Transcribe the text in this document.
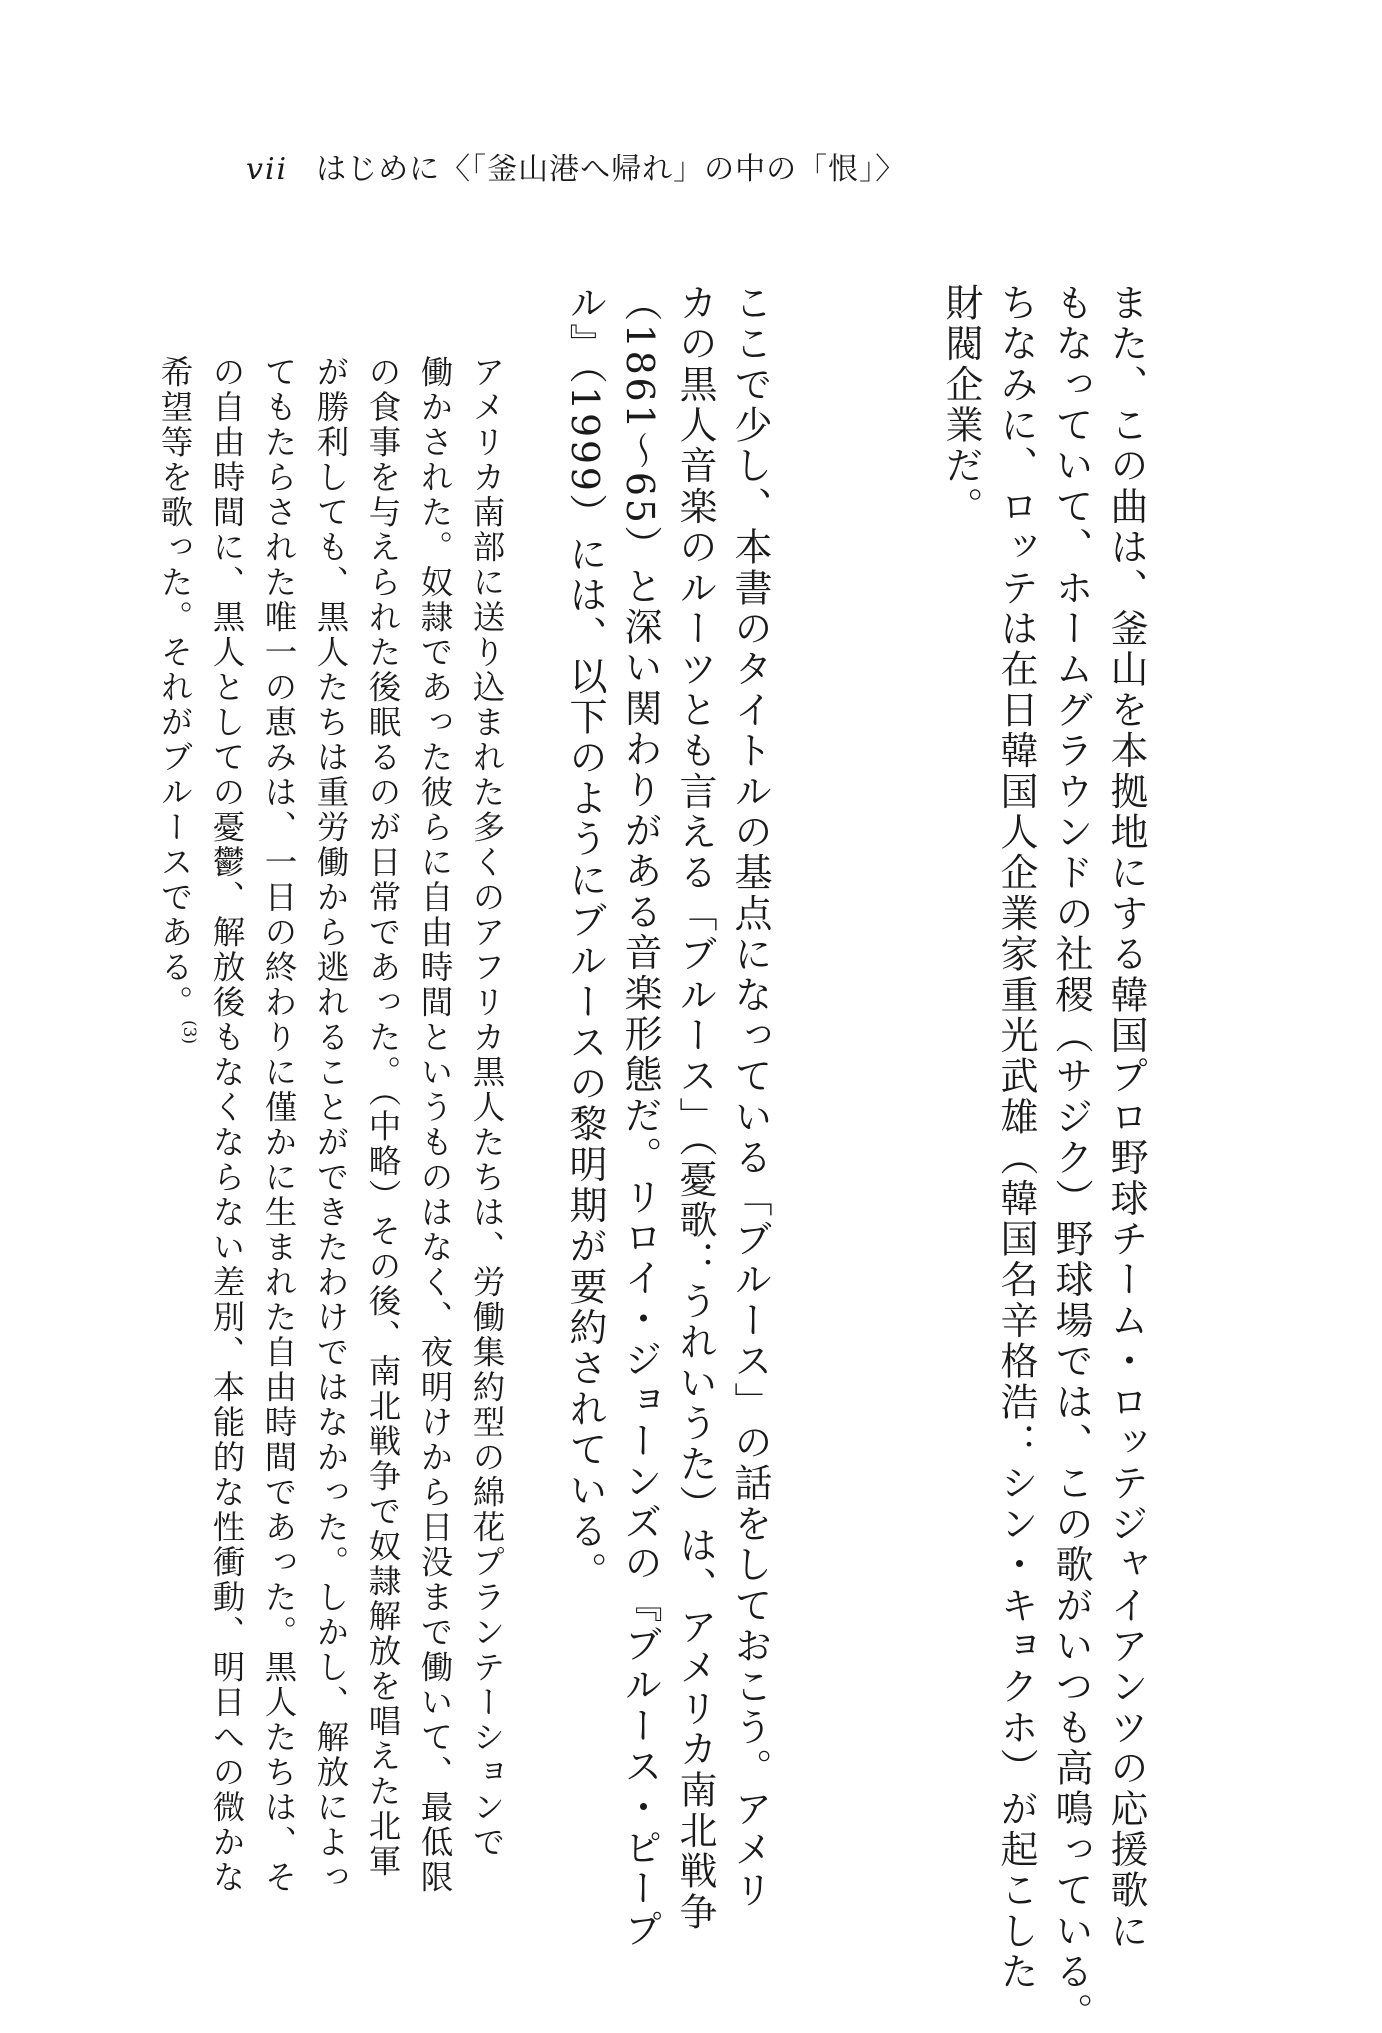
vii はじめに〈「釜山港へ帰れ」の中の「恨」〉
また、この曲は、釜山を本拠地にする韓国プロ野球チーム・ロッテジャイアンツの応援歌に
もなっていて、ホームグラウンドの社稷（サジク）野球場では、この歌がいつも高鳴っている。
ちなみに、ロッテは在日韓国人企業家重光武雄（韓国名辛格浩：シン・キョクホ）が起こした
財閥企業だ。
ここで少し、本書のタイトルの基点になっている「ブルース」の話をしておこう。アメリ
カの黒人音楽のルーツとも言える「ブルース」（憂歌：うれいうた）は、アメリカ南北戦争
（1861～65）と深い関わりがある音楽形態だ。リロイ・ジョーンズの『ブルース・ピープ
ル』（1999）には、以下のようにブルースの黎明期が要約されている。
アメリカ南部に送り込まれた多くのアフリカ黒人たちは、労働集約型の綿花プランテーションで
働かされた。奴隷であった彼らに自由時間というものはなく、夜明けから日没まで働いて、最低限
の食事を与えられた後眠るのが日常であった。（中略）その後、南北戦争で奴隷解放を唱えた北軍
が勝利しても、黒人たちは重労働から逃れることができたわけではなかった。しかし、解放によっ
てもたらされた唯一の恵みは、一日の終わりに僅かに生まれた自由時間であった。黒人たちは、そ
の自由時間に、黒人としての憂鬱、解放後もなくならない差別、本能的な性衝動、明日への微かな
希望等を歌った。それがブルースである。(3)
